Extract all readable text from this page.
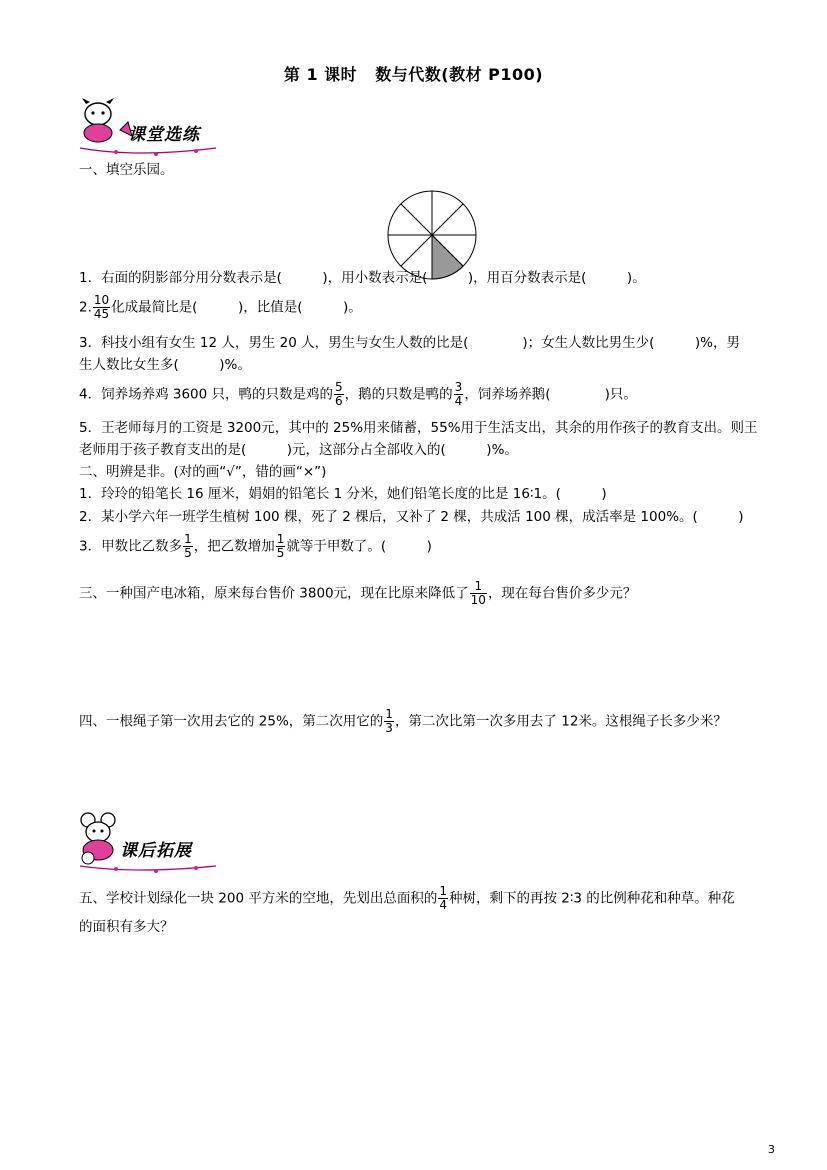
第 1 课时 数与代数(教材 P100)
课堂选练
一、填空乐园。
1．右面的阴影部分用分数表示是(　　　)，用小数表示是(　　　)，用百分数表示是(　　　)。
2. $\frac{10}{45}$ 化成最简比是(　　　)，比值是(　　　)。
3．科技小组有女生 12 人，男生 20 人，男生与女生人数的比是(　　　　)；女生人数比男生少(　　　)%，男
生人数比女生多(　　　)%。
4．饲养场养鸡 3600 只，鸭的只数是鸡的 $\frac{5}{6}$ ，鹅的只数是鸭的 $\frac{3}{4}$ ，饲养场养鹅(　　　　)只。
5．王老师每月的工资是 3200元，其中的 25%用来储蓄，55%用于生活支出，其余的用作孩子的教育支出。则王
老师用于孩子教育支出的是(　　　)元，这部分占全部收入的(　　　)%。
二、明辨是非。(对的画“√”，错的画“×”)
1．玲玲的铅笔长 16 厘米，娟娟的铅笔长 1 分米，她们铅笔长度的比是 16∶1。(　　　)
2．某小学六年一班学生植树 100 棵，死了 2 棵后，又补了 2 棵，共成活 100 棵，成活率是 100%。(　　　)
3．甲数比乙数多 $\frac{1}{5}$ ，把乙数增加 $\frac{1}{5}$ 就等于甲数了。(　　　)
三、一种国产电冰箱，原来每台售价 3800元，现在比原来降低了 $\frac{1}{10}$ ，现在每台售价多少元？
四、一根绳子第一次用去它的 25%，第二次用它的 $\frac{1}{3}$ ，第二次比第一次多用去了 12米。这根绳子长多少米？
课后拓展
五、学校计划绿化一块 200 平方米的空地，先划出总面积的 $\frac{1}{4}$ 种树，剩下的再按 2∶3 的比例种花和种草。种花
的面积有多大？
3
